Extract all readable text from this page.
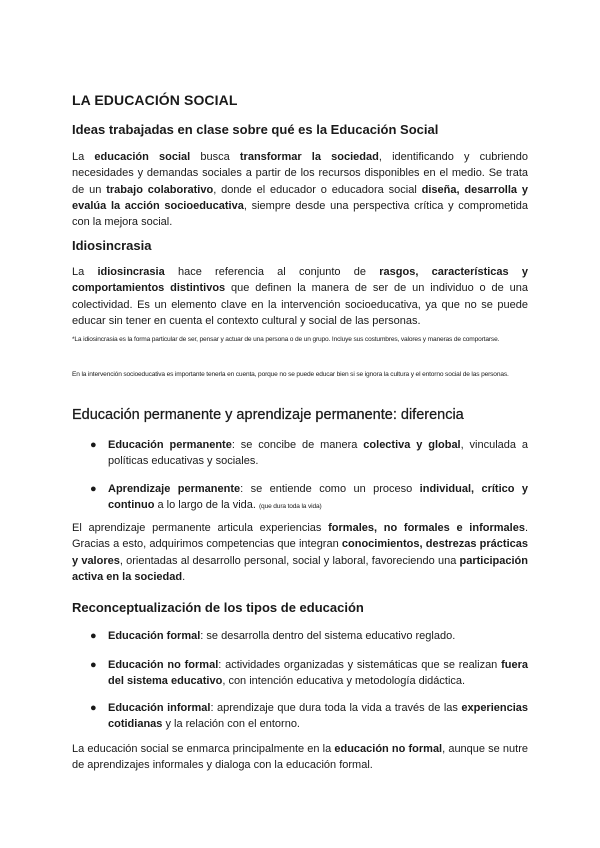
LA EDUCACIÓN SOCIAL
Ideas trabajadas en clase sobre qué es la Educación Social
La educación social busca transformar la sociedad, identificando y cubriendo necesidades y demandas sociales a partir de los recursos disponibles en el medio. Se trata de un trabajo colaborativo, donde el educador o educadora social diseña, desarrolla y evalúa la acción socioeducativa, siempre desde una perspectiva crítica y comprometida con la mejora social.
Idiosincrasia
La idiosincrasia hace referencia al conjunto de rasgos, características y comportamientos distintivos que definen la manera de ser de un individuo o de una colectividad. Es un elemento clave en la intervención socioeducativa, ya que no se puede educar sin tener en cuenta el contexto cultural y social de las personas.
*La idiosincrasia es la forma particular de ser, pensar y actuar de una persona o de un grupo. Incluye sus costumbres, valores y maneras de comportarse.
En la intervención socioeducativa es importante tenerla en cuenta, porque no se puede educar bien si se ignora la cultura y el entorno social de las personas.
Educación permanente y aprendizaje permanente: diferencia
●	Educación permanente: se concibe de manera colectiva y global, vinculada a políticas educativas y sociales.
●	Aprendizaje permanente: se entiende como un proceso individual, crítico y continuo a lo largo de la vida. (que dura toda la vida)
El aprendizaje permanente articula experiencias formales, no formales e informales. Gracias a esto, adquirimos competencias que integran conocimientos, destrezas prácticas y valores, orientadas al desarrollo personal, social y laboral, favoreciendo una participación activa en la sociedad.
Reconceptualización de los tipos de educación
●	Educación formal: se desarrolla dentro del sistema educativo reglado.
●	Educación no formal: actividades organizadas y sistemáticas que se realizan fuera del sistema educativo, con intención educativa y metodología didáctica.
●	Educación informal: aprendizaje que dura toda la vida a través de las experiencias cotidianas y la relación con el entorno.
La educación social se enmarca principalmente en la educación no formal, aunque se nutre de aprendizajes informales y dialoga con la educación formal.
